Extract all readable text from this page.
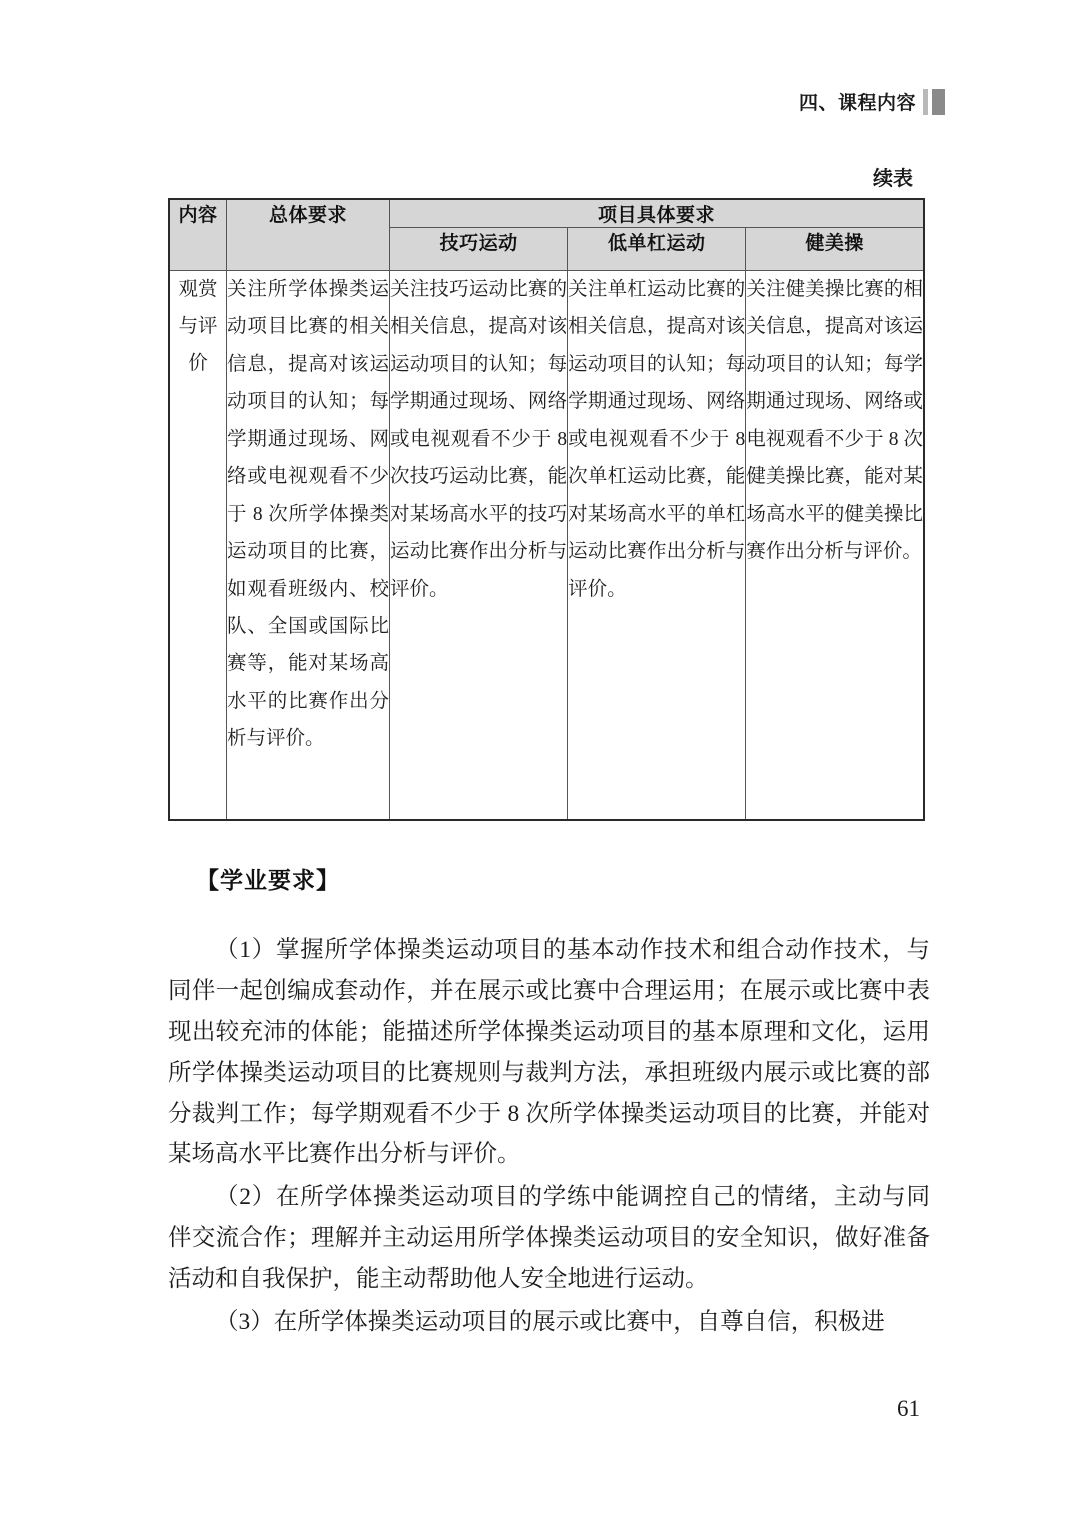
四、课程内容
续表
内容	总体要求	项目具体要求		
		技巧运动	低单杠运动	健美操
观赏与评价	关注所学体操类运动项目比赛的相关信息，提高对该运动项目的认知；每学期通过现场、网络或电视观看不少于 8 次所学体操类运动项目的比赛，如观看班级内、校队、全国或国际比赛等，能对某场高水平的比赛作出分析与评价。	关注技巧运动比赛的相关信息，提高对该运动项目的认知；每学期通过现场、网络或电视观看不少于 8 次技巧运动比赛，能对某场高水平的技巧运动比赛作出分析与评价。	关注单杠运动比赛的相关信息，提高对该运动项目的认知；每学期通过现场、网络或电视观看不少于 8 次单杠运动比赛，能对某场高水平的单杠运动比赛作出分析与评价。	关注健美操比赛的相关信息，提高对该运动项目的认知；每学期通过现场、网络或电视观看不少于 8 次健美操比赛，能对某场高水平的健美操比赛作出分析与评价。
【学业要求】

（1）掌握所学体操类运动项目的基本动作技术和组合动作技术，与同伴一起创编成套动作，并在展示或比赛中合理运用；在展示或比赛中表现出较充沛的体能；能描述所学体操类运动项目的基本原理和文化，运用所学体操类运动项目的比赛规则与裁判方法，承担班级内展示或比赛的部分裁判工作；每学期观看不少于 8 次所学体操类运动项目的比赛，并能对某场高水平比赛作出分析与评价。

（2）在所学体操类运动项目的学练中能调控自己的情绪，主动与同伴交流合作；理解并主动运用所学体操类运动项目的安全知识，做好准备活动和自我保护，能主动帮助他人安全地进行运动。

（3）在所学体操类运动项目的展示或比赛中，自尊自信，积极进

61
